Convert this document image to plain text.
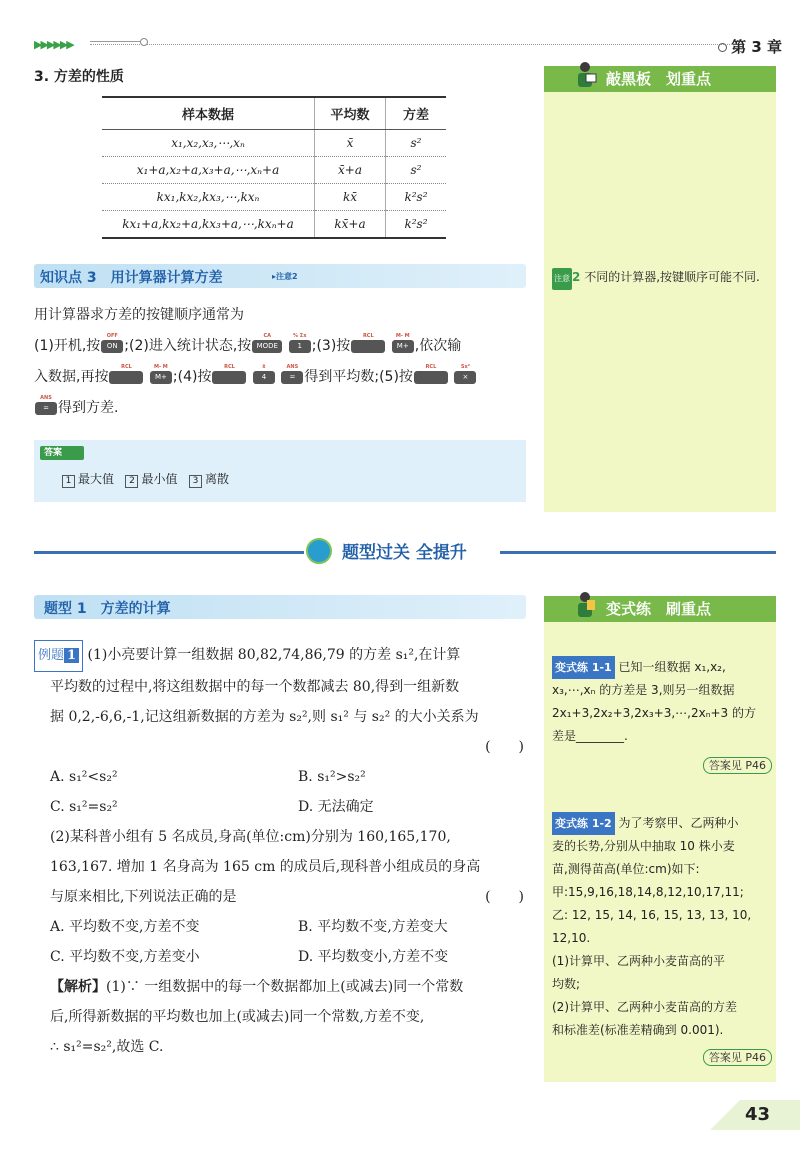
▶▶▶▶▶▶	第 3 章
3. 方差的性质
样本数据	平均数	方差
x₁,x₂,x₃,⋯,xₙ	x̄	s²
x₁+a,x₂+a,x₃+a,⋯,xₙ+a	x̄+a	s²
kx₁,kx₂,kx₃,⋯,kxₙ	kx̄	k²s²
kx₁+a,kx₂+a,kx₃+a,⋯,kxₙ+a	kx̄+a	k²s²
知识点 3　用计算器计算方差	▸注意2
用计算器求方差的按键顺序通常为
(1)开机,按
OFF
ON ;(2)进入统计状态,按
CA
MODE
% Σx
1 ;(3)按
RCL
	M- M
M+ ,依次输
入数据,再按
RCL
	M- M
M+ ;(4)按
RCL
	x̄
4
ANS
= 得到平均数;(5)按
RCL
	Sx²
×
ANS
= 得到方差.
答案
1 最大值 2 最小值 3 离散
敲黑板　划重点
注意 2 不同的计算器,按键顺序可能不同.
题型过关 全提升
题型 1　方差的计算
例题 1 (1)小亮要计算一组数据 80,82,74,86,79 的方差 s₁²,在计算
平均数的过程中,将这组数据中的每一个数都减去 80,得到一组新数
据 0,2,-6,6,-1,记这组新数据的方差为 s₂²,则 s₁² 与 s₂² 的大小关系为
(　　)
A. s₁²<s₂²	B. s₁²>s₂²
C. s₁²=s₂²	D. 无法确定
(2)某科普小组有 5 名成员,身高(单位:cm)分别为 160,165,170,
163,167. 增加 1 名身高为 165 cm 的成员后,现科普小组成员的身高
与原来相比,下列说法正确的是	(　　)
A. 平均数不变,方差不变	B. 平均数不变,方差变大
C. 平均数不变,方差变小	D. 平均数变小,方差不变
【解析】(1)∵ 一组数据中的每一个数据都加上(或减去)同一个常数
后,所得新数据的平均数也加上(或减去)同一个常数,方差不变,
∴ s₁²=s₂²,故选 C.
变式练　刷重点
变式练 1-1 已知一组数据 x₁,x₂,
x₃,⋯,xₙ 的方差是 3,则另一组数据
2x₁+3,2x₂+3,2x₃+3,⋯,2xₙ+3 的方
差是________.
答案见 P46
变式练 1-2 为了考察甲、乙两种小
麦的长势,分别从中抽取 10 株小麦
苗,测得苗高(单位:cm)如下:
甲:15,9,16,18,14,8,12,10,17,11;
乙: 12, 15, 14, 16, 15, 13, 13, 10,
12,10.
(1)计算甲、乙两种小麦苗高的平
均数;
(2)计算甲、乙两种小麦苗高的方差
和标准差(标准差精确到 0.001).
答案见 P46
43
